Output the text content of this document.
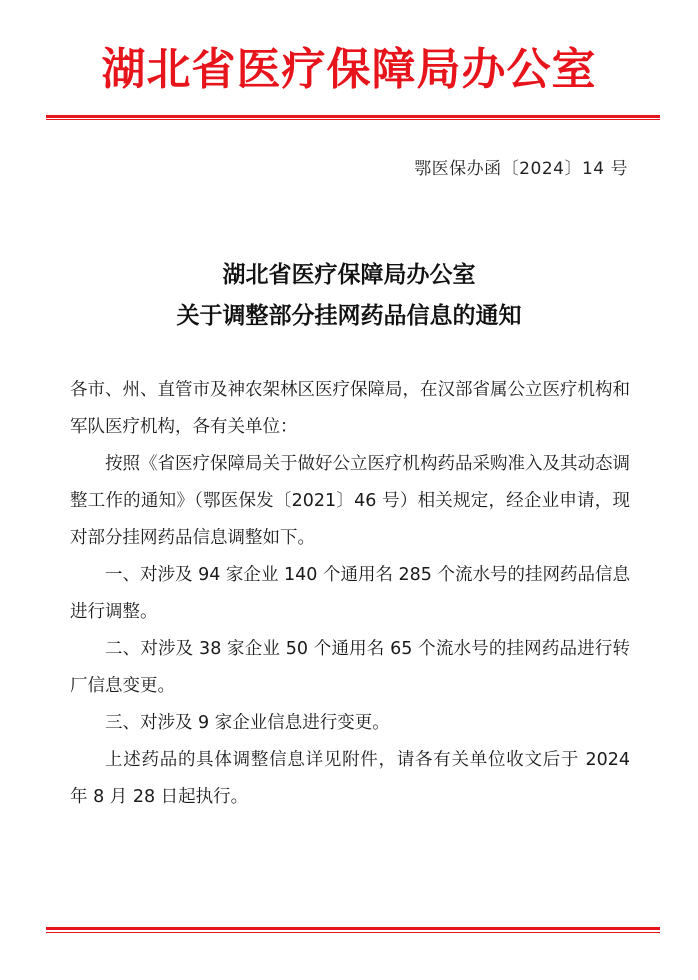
湖北省医疗保障局办公室
鄂医保办函〔2024〕14 号
湖北省医疗保障局办公室
关于调整部分挂网药品信息的通知

各市、州、直管市及神农架林区医疗保障局，在汉部省属公立医疗机构和军队医疗机构，各有关单位：

按照《省医疗保障局关于做好公立医疗机构药品采购准入及其动态调整工作的通知》（鄂医保发〔2021〕46 号）相关规定，经企业申请，现对部分挂网药品信息调整如下。

一、对涉及 94 家企业 140 个通用名 285 个流水号的挂网药品信息进行调整。

二、对涉及 38 家企业 50 个通用名 65 个流水号的挂网药品进行转厂信息变更。

三、对涉及 9 家企业信息进行变更。

上述药品的具体调整信息详见附件，请各有关单位收文后于 2024 年 8 月 28 日起执行。
